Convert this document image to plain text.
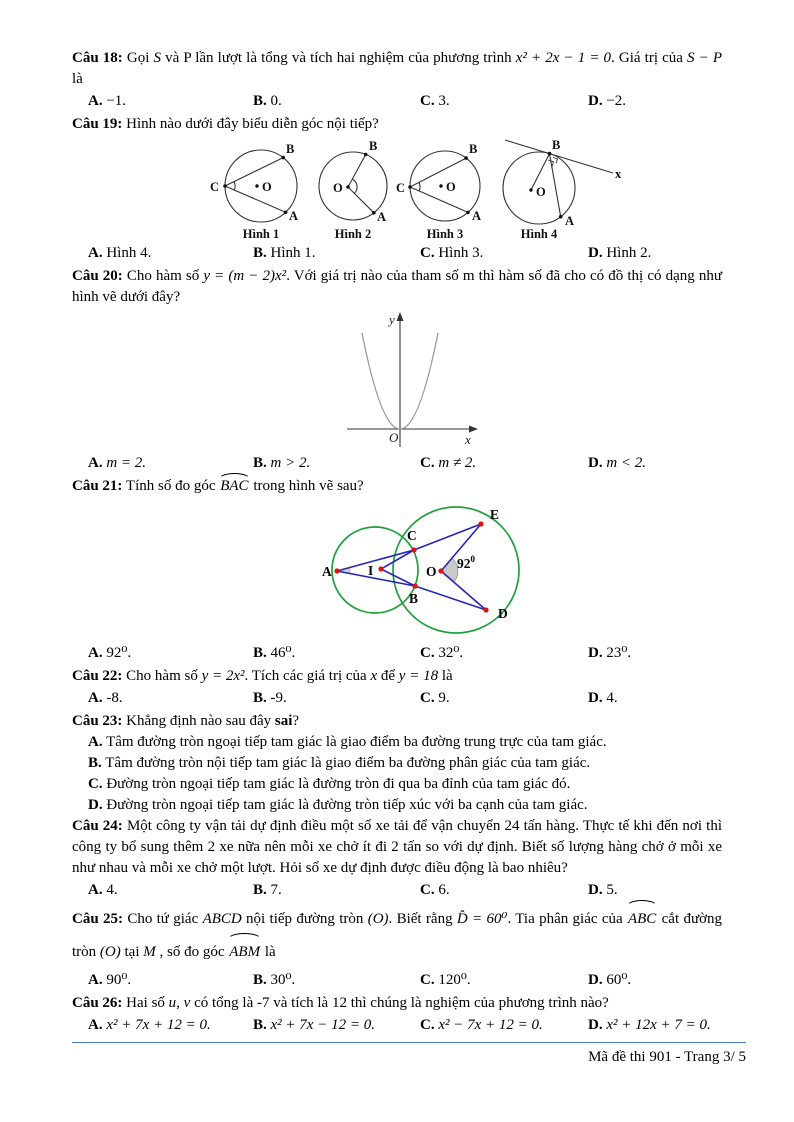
Câu 18: Gọi S và P lần lượt là tổng và tích hai nghiệm của phương trình x² + 2x − 1 = 0. Giá trị của S − P là

A. −1.	B. 0.	C. 3.	D. −2.

Câu 19: Hình nào dưới đây biểu diễn góc nội tiếp?

C
B
O
A
Hình 1
O
B
A
Hình 2
C
B
O
A
Hình 3
B
x
O
A
Hình 4
A. Hình 4.	B. Hình 1.	C. Hình 3.	D. Hình 2.

Câu 20: Cho hàm số y = (m − 2)x². Với giá trị nào của tham số m thì hàm số đã cho có đồ thị có dạng như hình vẽ dưới đây?

y
x
O
A. m = 2.	B. m > 2.	C. m ≠ 2.	D. m < 2.

Câu 21: Tính số đo góc BAC trong hình vẽ sau?

A	I
C
B
O
E
D
$92^0$
A. 92⁰.	B. 46⁰.	C. 32⁰.	D. 23⁰.

Câu 22: Cho hàm số y = 2x². Tích các giá trị của x để y = 18 là

A. -8.	B. -9.	C. 9.	D. 4.

Câu 23: Khẳng định nào sau đây sai?

A. Tâm đường tròn ngoại tiếp tam giác là giao điểm ba đường trung trực của tam giác.

B. Tâm đường tròn nội tiếp tam giác là giao điểm ba đường phân giác của tam giác.

C. Đường tròn ngoại tiếp tam giác là đường tròn đi qua ba đỉnh của tam giác đó.

D. Đường tròn ngoại tiếp tam giác là đường tròn tiếp xúc với ba cạnh của tam giác.

Câu 24: Một công ty vận tải dự định điều một số xe tải để vận chuyển 24 tấn hàng. Thực tế khi đến nơi thì công ty bổ sung thêm 2 xe nữa nên mỗi xe chở ít đi 2 tấn so với dự định. Biết số lượng hàng chở ở mỗi xe như nhau và mỗi xe chở một lượt. Hỏi số xe dự định được điều động là bao nhiêu?

A. 4.	B. 7.	C. 6.	D. 5.

Câu 25: Cho tứ giác ABCD nội tiếp đường tròn (O). Biết rằng D̂ = 60⁰. Tia phân giác của ABC cắt đường tròn (O) tại M , số đo góc ABM là

A. 90⁰.	B. 30⁰.	C. 120⁰.	D. 60⁰.

Câu 26: Hai số u, v có tổng là -7 và tích là 12 thì chúng là nghiệm của phương trình nào?

A. x² + 7x + 12 = 0.	B. x² + 7x − 12 = 0.	C. x² − 7x + 12 = 0.	D. x² + 12x + 7 = 0.
Mã đề thi 901 - Trang 3/ 5
